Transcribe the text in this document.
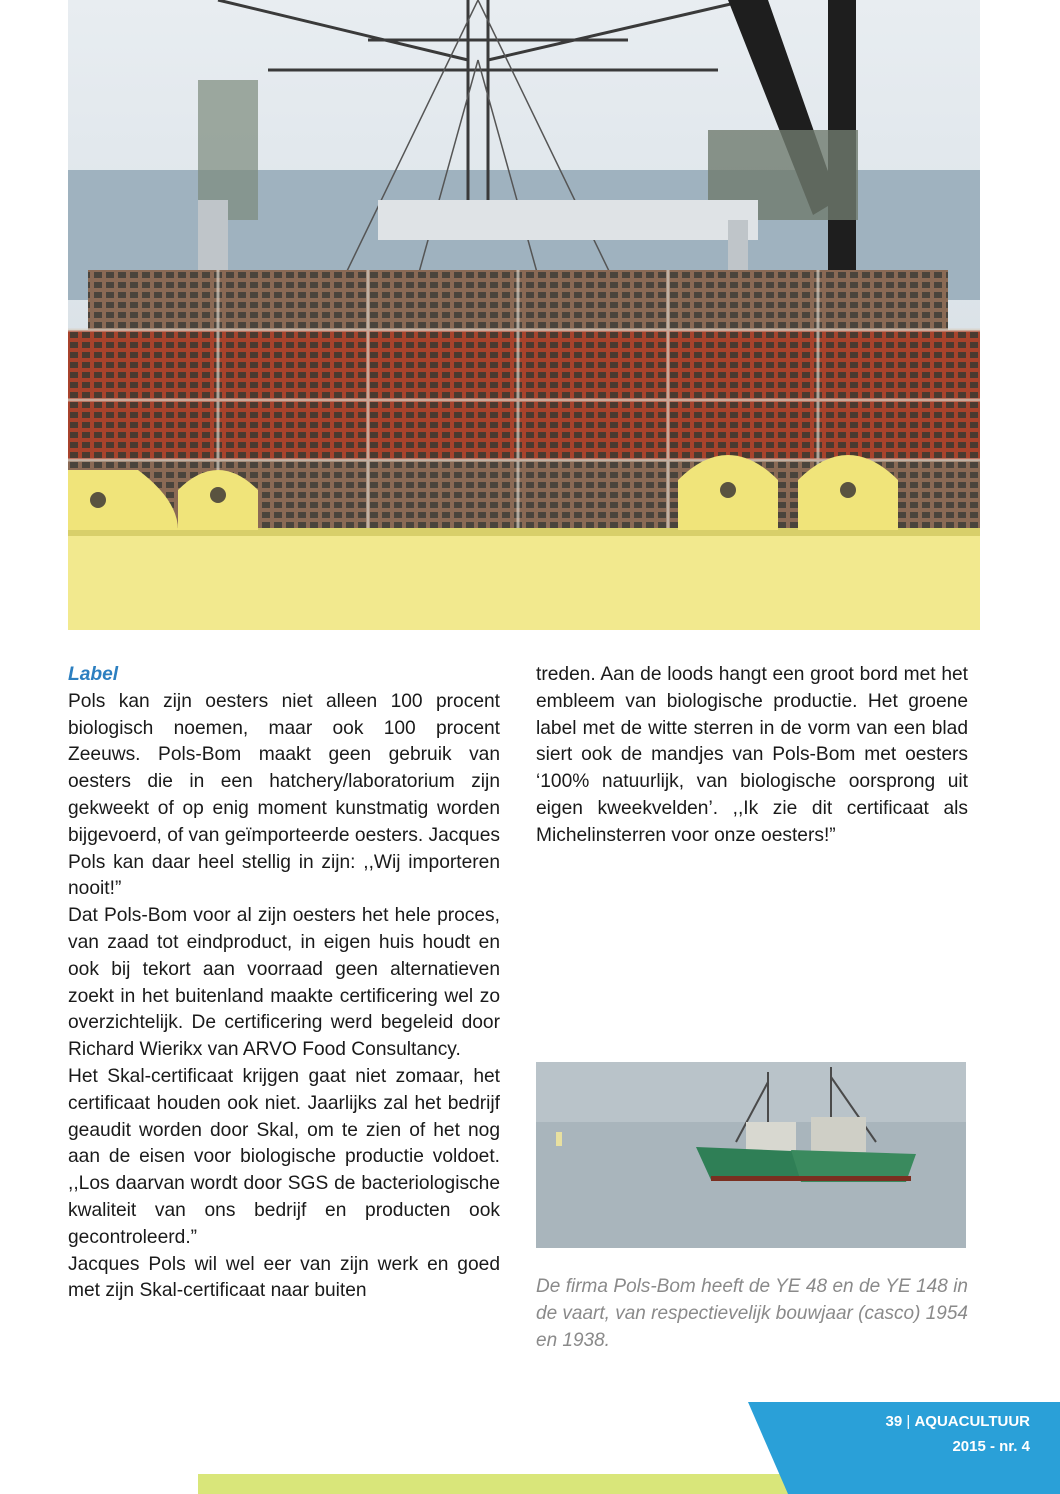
Label

Pols kan zijn oesters niet alleen 100 procent biologisch noemen, maar ook 100 procent Zeeuws. Pols-Bom maakt geen gebruik van oesters die in een hatchery/laboratorium zijn gekweekt of op enig moment kunstmatig worden bijgevoerd, of van geïmporteerde oesters. Jacques Pols kan daar heel stellig in zijn: ,,Wij importeren nooit!”

Dat Pols-Bom voor al zijn oesters het hele proces, van zaad tot eindproduct, in eigen huis houdt en ook bij tekort aan voorraad geen alternatieven zoekt in het buitenland maakte certificering wel zo overzichtelijk. De certificering werd begeleid door Richard Wierikx van ARVO Food Consultancy.

Het Skal-certificaat krijgen gaat niet zomaar, het certificaat houden ook niet. Jaarlijks zal het bedrijf geaudit worden door Skal, om te zien of het nog aan de eisen voor biologische productie voldoet. ,,Los daarvan wordt door SGS de bacteriologische kwaliteit van ons bedrijf en producten ook gecontroleerd.”

Jacques Pols wil wel eer van zijn werk en goed met zijn Skal-certificaat naar buiten

treden. Aan de loods hangt een groot bord met het embleem van biologische productie. Het groene label met de witte sterren in de vorm van een blad siert ook de mandjes van Pols-Bom met oesters ‘100% natuurlijk, van biologische oorsprong uit eigen kweekvelden’. ,,Ik zie dit certificaat als Michelinsterren voor onze oesters!”

De firma Pols-Bom heeft de YE 48 en de YE 148 in de vaart, van respectievelijk bouwjaar (casco) 1954 en 1938.
39 | AQUACULTUUR
2015 - nr. 4
